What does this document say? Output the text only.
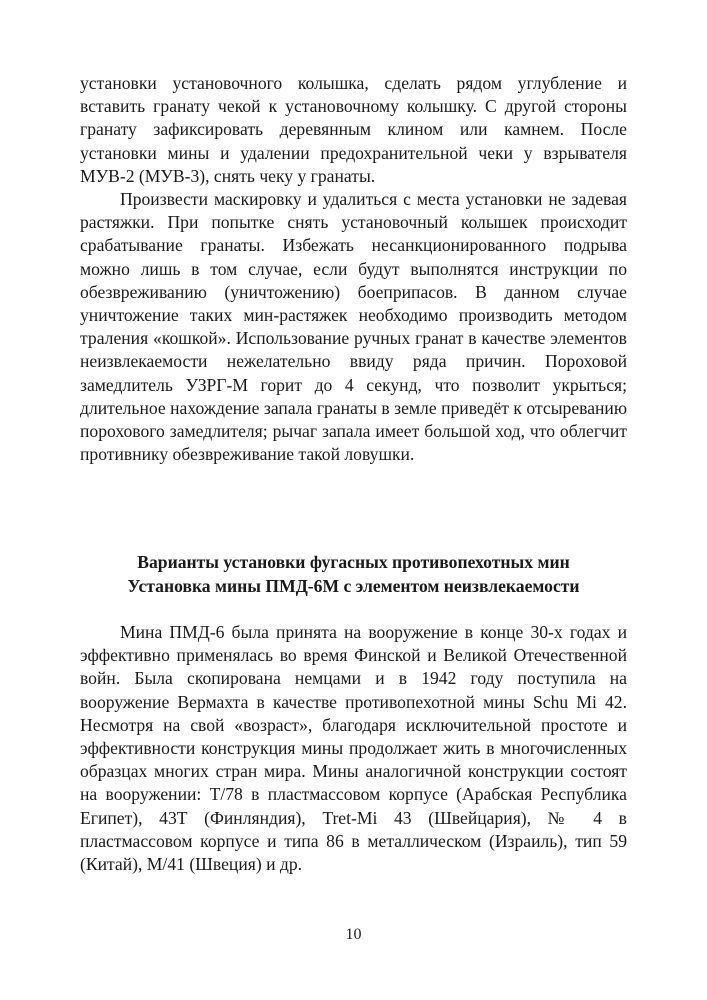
установки установочного колышка, сделать рядом углубление и вставить гранату чекой к установочному колышку. С другой стороны гранату зафиксировать деревянным клином или камнем. После установки мины и удалении предохранительной чеки у взрывателя МУВ-2 (МУВ-3), снять чеку у гранаты.

Произвести маскировку и удалиться с места установки не задевая растяжки. При попытке снять установочный колышек происходит срабатывание гранаты. Избежать несанкционированного подрыва можно лишь в том случае, если будут выполнятся инструкции по обезвреживанию (уничтожению) боеприпасов. В данном случае уничтожение таких мин-растяжек необходимо производить методом траления «кошкой». Использование ручных гранат в качестве элементов неизвлекаемости нежелательно ввиду ряда причин. Пороховой замедлитель УЗРГ-М горит до 4 секунд, что позволит укрыться; длительное нахождение запала гранаты в земле приведёт к отсыреванию порохового замедлителя; рычаг запала имеет большой ход, что облегчит противнику обезвреживание такой ловушки.

Варианты установки фугасных противопехотных мин
Установка мины ПМД-6М с элементом неизвлекаемости

Мина ПМД-6 была принята на вооружение в конце 30-х годах и эффективно применялась во время Финской и Великой Отечественной войн. Была скопирована немцами и в 1942 году поступила на вооружение Вермахта в качестве противопехотной мины Schu Mi 42. Несмотря на свой «возраст», благодаря исключительной простоте и эффективности конструкция мины продолжает жить в многочисленных образцах многих стран мира. Мины аналогичной конструкции состоят на вооружении: Т/78 в пластмассовом корпусе (Арабская Республика Египет), 43Т (Финляндия), Tret-Mi 43 (Швейцария), № 4 в пластмассовом корпусе и типа 86 в металлическом (Израиль), тип 59 (Китай), М/41 (Швеция) и др.

10
